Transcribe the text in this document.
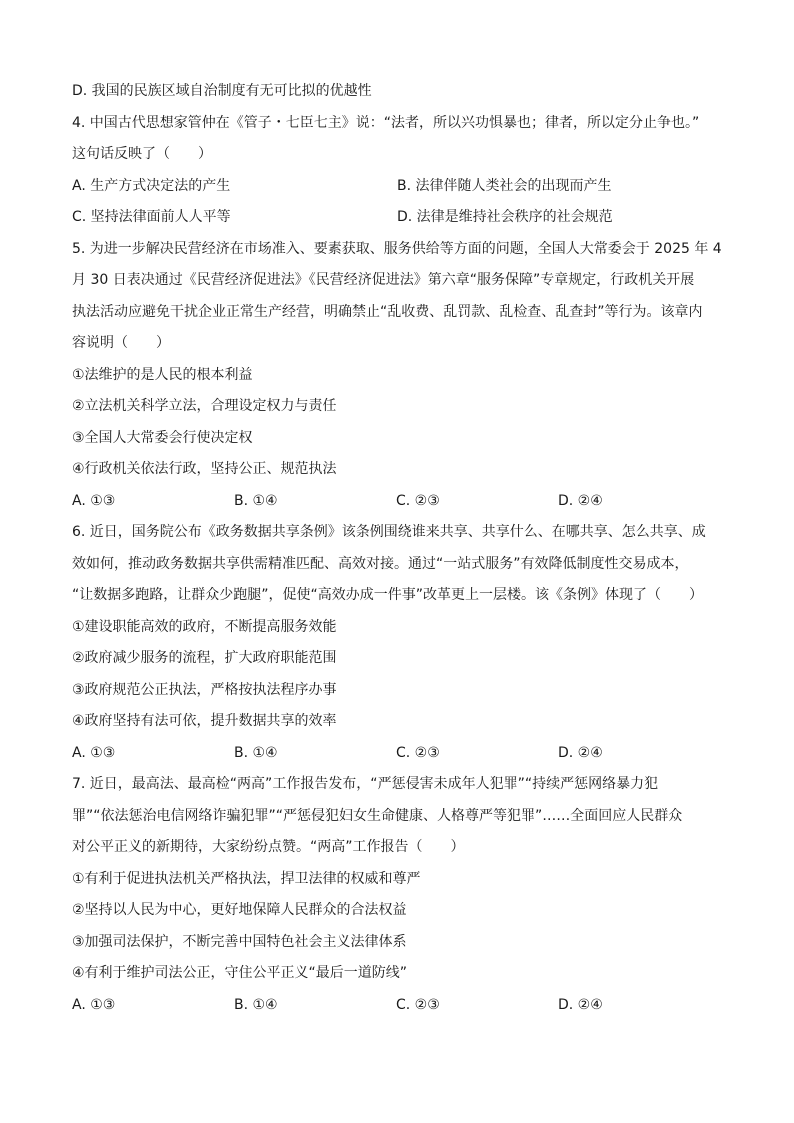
D. 我国的民族区域自治制度有无可比拟的优越性
4. 中国古代思想家管仲在《管子・七臣七主》说：“法者，所以兴功惧暴也；律者，所以定分止争也。”
这句话反映了（　　）
A. 生产方式决定法的产生	B. 法律伴随人类社会的出现而产生
C. 坚持法律面前人人平等	D. 法律是维持社会秩序的社会规范
5. 为进一步解决民营经济在市场准入、要素获取、服务供给等方面的问题，全国人大常委会于 2025 年 4
月 30 日表决通过《民营经济促进法》《民营经济促进法》第六章“服务保障”专章规定，行政机关开展
执法活动应避免干扰企业正常生产经营，明确禁止“乱收费、乱罚款、乱检查、乱查封”等行为。该章内
容说明（　　）
①法维护的是人民的根本利益
②立法机关科学立法，合理设定权力与责任
③全国人大常委会行使决定权
④行政机关依法行政，坚持公正、规范执法
A. ①③	B. ①④	C. ②③	D. ②④
6. 近日，国务院公布《政务数据共享条例》该条例围绕谁来共享、共享什么、在哪共享、怎么共享、成
效如何，推动政务数据共享供需精准匹配、高效对接。通过“一站式服务”有效降低制度性交易成本，
“让数据多跑路，让群众少跑腿”，促使“高效办成一件事”改革更上一层楼。该《条例》体现了（　　）
①建设职能高效的政府，不断提高服务效能
②政府减少服务的流程，扩大政府职能范围
③政府规范公正执法，严格按执法程序办事
④政府坚持有法可依，提升数据共享的效率
A. ①③	B. ①④	C. ②③	D. ②④
7. 近日，最高法、最高检“两高”工作报告发布，“严惩侵害未成年人犯罪”“持续严惩网络暴力犯
罪”“依法惩治电信网络诈骗犯罪”“严惩侵犯妇女生命健康、人格尊严等犯罪”……全面回应人民群众
对公平正义的新期待，大家纷纷点赞。“两高”工作报告（　　）
①有利于促进执法机关严格执法，捍卫法律的权威和尊严
②坚持以人民为中心，更好地保障人民群众的合法权益
③加强司法保护，不断完善中国特色社会主义法律体系
④有利于维护司法公正，守住公平正义“最后一道防线”
A. ①③	B. ①④	C. ②③	D. ②④
